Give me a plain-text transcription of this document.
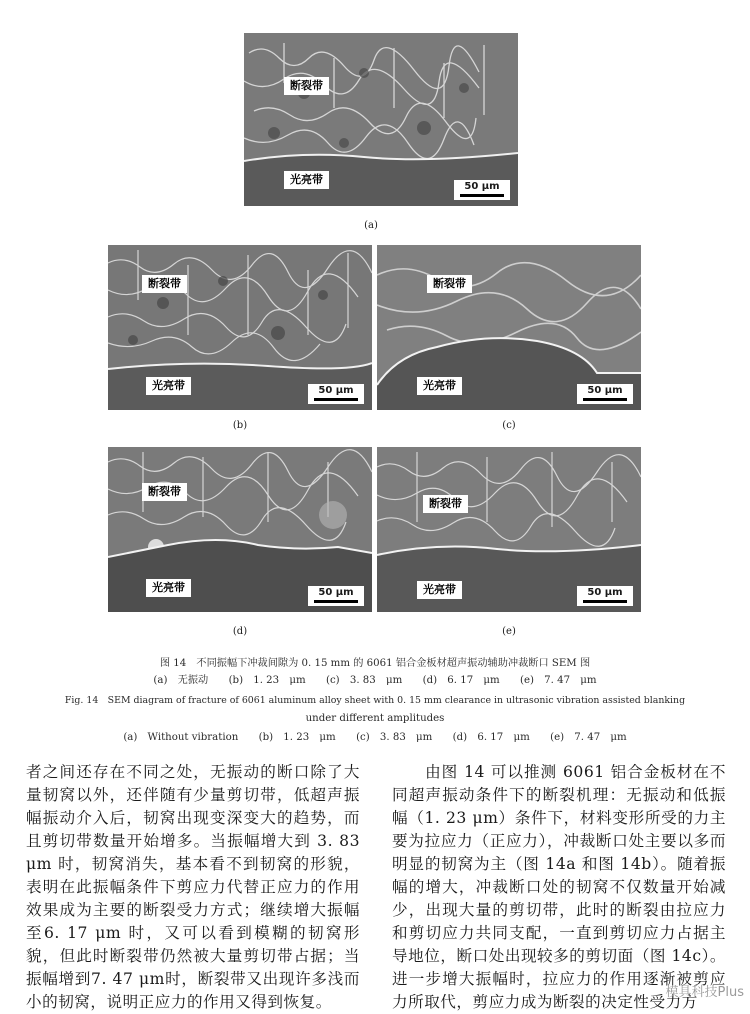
断裂带
光亮带
50 μm
(a)
断裂带
光亮带	50 μm
(b)
断裂带
光亮带	50 μm
(c)
断裂带
光亮带	50 μm
(d)
断裂带
光亮带	50 μm
(e)
图 14　不同振幅下冲裁间隙为 0. 15 mm 的 6061 铝合金板材超声振动辅助冲裁断口 SEM 图
(a)　无振动　　(b)　1. 23　μm　　(c)　3. 83　μm　　(d)　6. 17　μm　　(e)　7. 47　μm
Fig. 14　SEM diagram of fracture of 6061 aluminum alloy sheet with 0. 15 mm clearance in ultrasonic vibration assisted blanking
under different amplitudes
(a)　Without vibration　　(b)　1. 23　μm　　(c)　3. 83　μm　　(d)　6. 17　μm　　(e)　7. 47　μm

者之间还存在不同之处，无振动的断口除了大量韧窝以外，还伴随有少量剪切带，低超声振幅振动介入后，韧窝出现变深变大的趋势，而且剪切带数量开始增多。当振幅增大到 3. 83 μm 时，韧窝消失，基本看不到韧窝的形貌，表明在此振幅条件下剪应力代替正应力的作用效果成为主要的断裂受力方式；继续增大振幅至6. 17 μm 时，又可以看到模糊的韧窝形貌，但此时断裂带仍然被大量剪切带占据；当振幅增到7. 47 μm时，断裂带又出现许多浅而小的韧窝，说明正应力的作用又得到恢复。

　　由图 14 可以推测 6061 铝合金板材在不同超声振动条件下的断裂机理：无振动和低振幅（1. 23 μm）条件下，材料变形所受的力主要为拉应力（正应力），冲裁断口处主要以多而明显的韧窝为主（图 14a 和图 14b）。随着振幅的增大，冲裁断口处的韧窝不仅数量开始减少，出现大量的剪切带，此时的断裂由拉应力和剪切应力共同支配，一直到剪切应力占据主导地位，断口处出现较多的剪切面（图 14c）。进一步增大振幅时，拉应力的作用逐渐被剪应力所取代，剪应力成为断裂的决定性受力方

模具科技Plus
